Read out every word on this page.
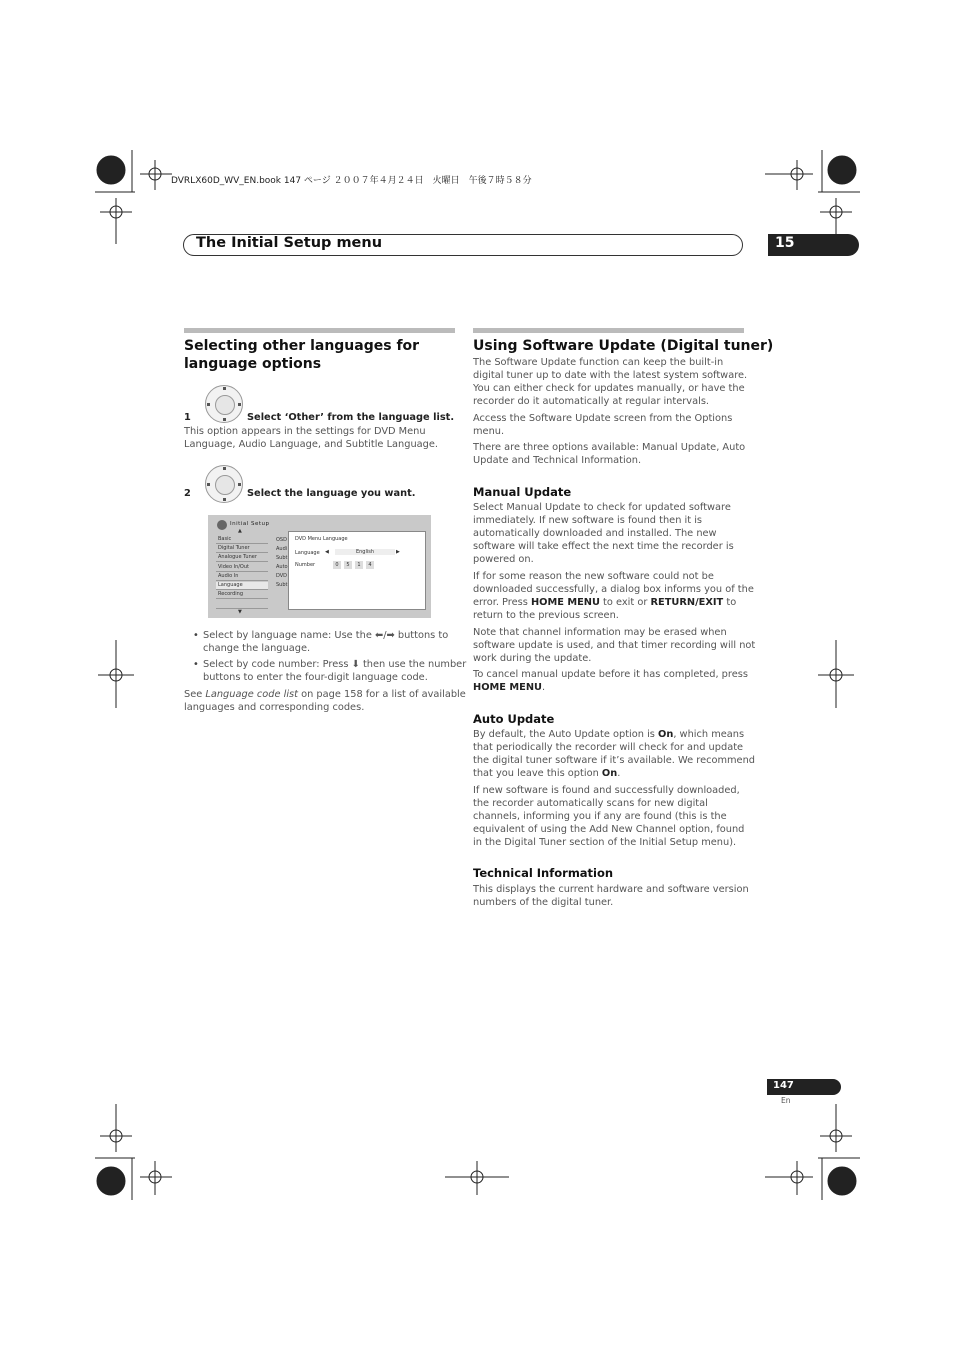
DVRLX60D_WV_EN.book 147 ページ ２００７年４月２４日　火曜日　午後７時５８分
The Initial Setup menu	15
Selecting other languages for
language options
1	Select ‘Other’ from the language list.
This option appears in the settings for DVD Menu
Language, Audio Language, and Subtitle Language.
2	Select the language you want.
Initial Setup
▲
Basic
Digital Tuner
Analogue Tuner
Video In/Out
Audio In
Language
Recording
▼
OSD
Audi
Subt
Auto
DVD
Subt
DVD Menu Language
Language ◀	English	▶
Number	0	5	1	4
• Select by language name: Use the ⬅/➡ buttons to
change the language.
• Select by code number: Press ⬇ then use the number
buttons to enter the four-digit language code.
See Language code list on page 158 for a list of available
languages and corresponding codes.
Using Software Update (Digital tuner)
The Software Update function can keep the built-in
digital tuner up to date with the latest system software.
You can either check for updates manually, or have the
recorder do it automatically at regular intervals.
Access the Software Update screen from the Options
menu.
There are three options available: Manual Update, Auto
Update and Technical Information.
Manual Update
Select Manual Update to check for updated software
immediately. If new software is found then it is
automatically downloaded and installed. The new
software will take effect the next time the recorder is
powered on.
If for some reason the new software could not be
downloaded successfully, a dialog box informs you of the
error. Press HOME MENU to exit or RETURN/EXIT to
return to the previous screen.
Note that channel information may be erased when
software update is used, and that timer recording will not
work during the update.
To cancel manual update before it has completed, press
HOME MENU.
Auto Update
By default, the Auto Update option is On, which means
that periodically the recorder will check for and update
the digital tuner software if it’s available. We recommend
that you leave this option On.
If new software is found and successfully downloaded,
the recorder automatically scans for new digital
channels, informing you if any are found (this is the
equivalent of using the Add New Channel option, found
in the Digital Tuner section of the Initial Setup menu).
Technical Information
This displays the current hardware and software version
numbers of the digital tuner.
147
En
